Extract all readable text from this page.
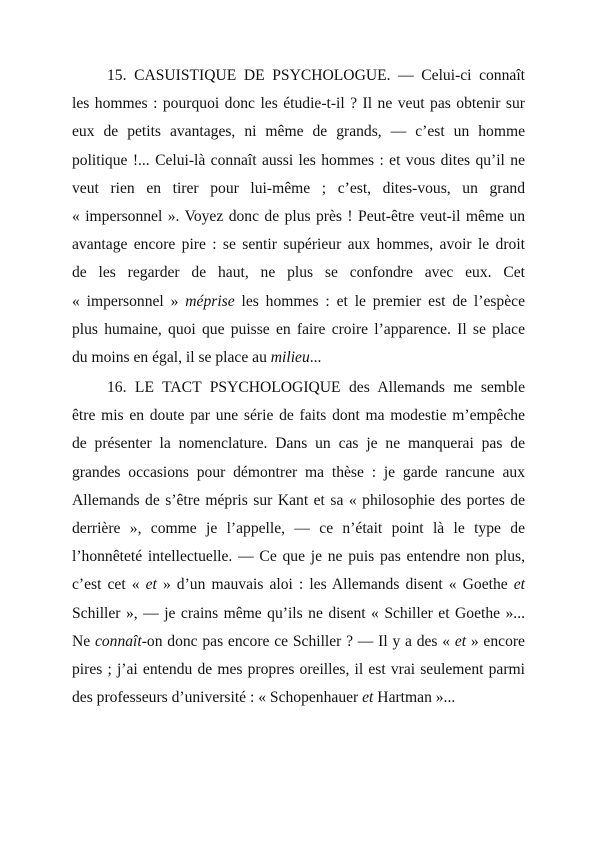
15. CASUISTIQUE DE PSYCHOLOGUE. — Celui-ci connaît
les hommes : pourquoi donc les étudie-t-il ? Il ne veut pas obtenir sur
eux de petits avantages, ni même de grands, — c’est un homme
politique !... Celui-là connaît aussi les hommes : et vous dites qu’il ne
veut rien en tirer pour lui-même ; c’est, dites-vous, un grand
« impersonnel ». Voyez donc de plus près ! Peut-être veut-il même un
avantage encore pire : se sentir supérieur aux hommes, avoir le droit
de les regarder de haut, ne plus se confondre avec eux. Cet
« impersonnel » méprise les hommes : et le premier est de l’espèce
plus humaine, quoi que puisse en faire croire l’apparence. Il se place
du moins en égal, il se place au milieu...
16. LE TACT PSYCHOLOGIQUE des Allemands me semble
être mis en doute par une série de faits dont ma modestie m’empêche
de présenter la nomenclature. Dans un cas je ne manquerai pas de
grandes occasions pour démontrer ma thèse : je garde rancune aux
Allemands de s’être mépris sur Kant et sa « philosophie des portes de
derrière », comme je l’appelle, — ce n’était point là le type de
l’honnêteté intellectuelle. — Ce que je ne puis pas entendre non plus,
c’est cet « et » d’un mauvais aloi : les Allemands disent « Goethe et
Schiller », — je crains même qu’ils ne disent « Schiller et Goethe »...
Ne connaît-on donc pas encore ce Schiller ? — Il y a des « et » encore
pires ; j’ai entendu de mes propres oreilles, il est vrai seulement parmi
des professeurs d’université : « Schopenhauer et Hartman »...
